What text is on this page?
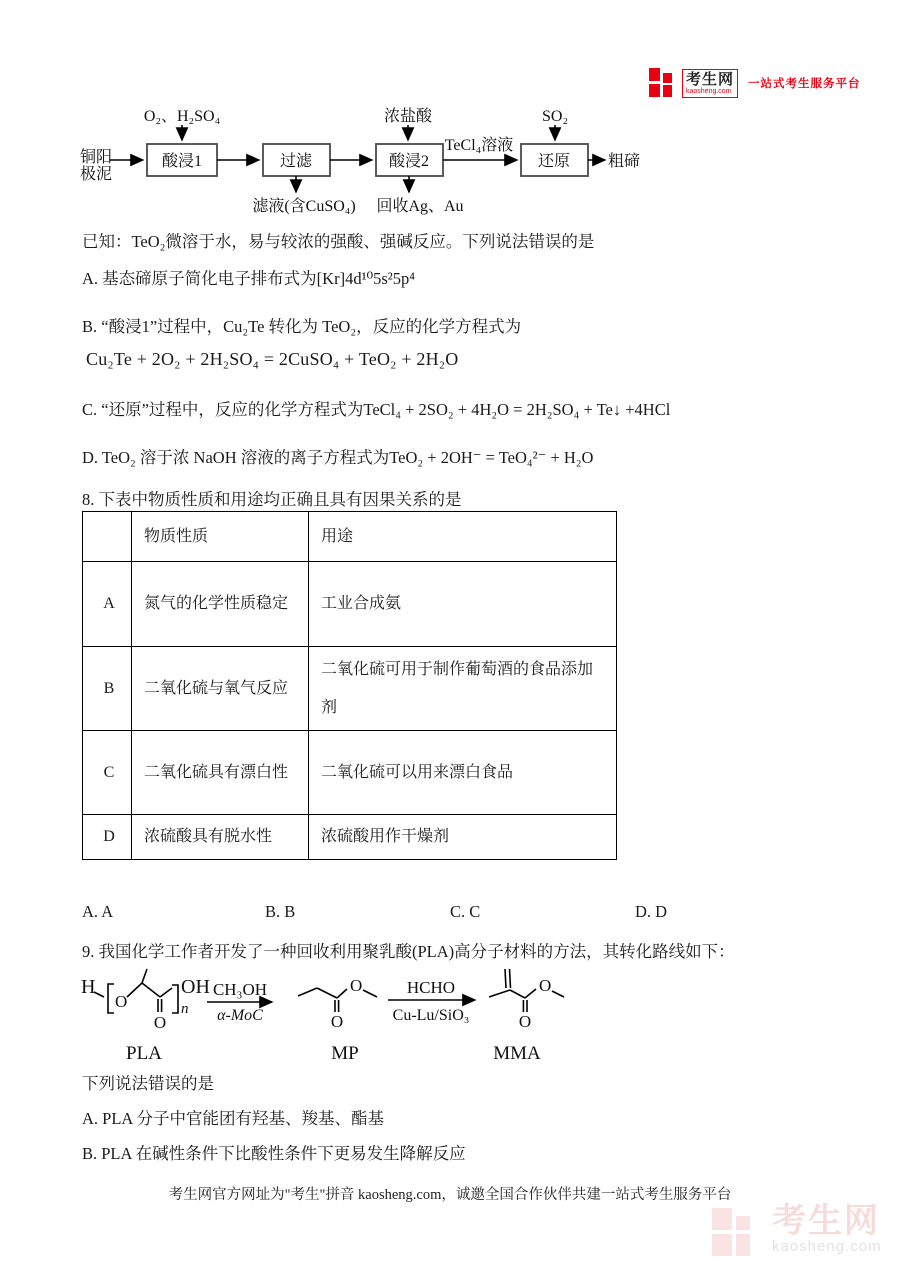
考生网
kaosheng.com
一站式考生服务平台
铜阳
极泥
酸浸1	过滤	酸浸2	还原
O₂、H₂SO₄	浓盐酸	SO₂
TeCl₄溶液
粗碲
滤液(含CuSO₄) 回收Ag、Au
已知：TeO₂微溶于水，易与较浓的强酸、强碱反应。下列说法错误的是
A. 基态碲原子简化电子排布式为[Kr]4d¹⁰5s²5p⁴
B. “酸浸1”过程中，Cu₂Te 转化为 TeO₂，反应的化学方程式为
Cu₂Te + 2O₂ + 2H₂SO₄ = 2CuSO₄ + TeO₂ + 2H₂O
C. “还原”过程中，反应的化学方程式为TeCl₄ + 2SO₂ + 4H₂O = 2H₂SO₄ + Te↓ +4HCl
D. TeO₂ 溶于浓 NaOH 溶液的离子方程式为TeO₂ + 2OH⁻ = TeO₄²⁻ + H₂O
8. 下表中物质性质和用途均正确且具有因果关系的是
	物质性质	用途
A	氮气的化学性质稳定	工业合成氨
B	二氧化硫与氧气反应	二氧化硫可用于制作葡萄酒的食品添加剂
C	二氧化硫具有漂白性	二氧化硫可以用来漂白食品
D	浓硫酸具有脱水性	浓硫酸用作干燥剂
A. A	B. B	C. C	D. D
9. 我国化学工作者开发了一种回收利用聚乳酸(PLA)高分子材料的方法，其转化路线如下：
H
O
O
n
OH CH₃OH
α-MoC	O
O	HCHO
Cu-Lu/SiO₃	O
O
PLA	MP	MMA
下列说法错误的是
A. PLA 分子中官能团有羟基、羧基、酯基
B. PLA 在碱性条件下比酸性条件下更易发生降解反应
考生网官方网址为"考生"拼音 kaosheng.com，诚邀全国合作伙伴共建一站式考生服务平台
考生网
kaosheng.com
